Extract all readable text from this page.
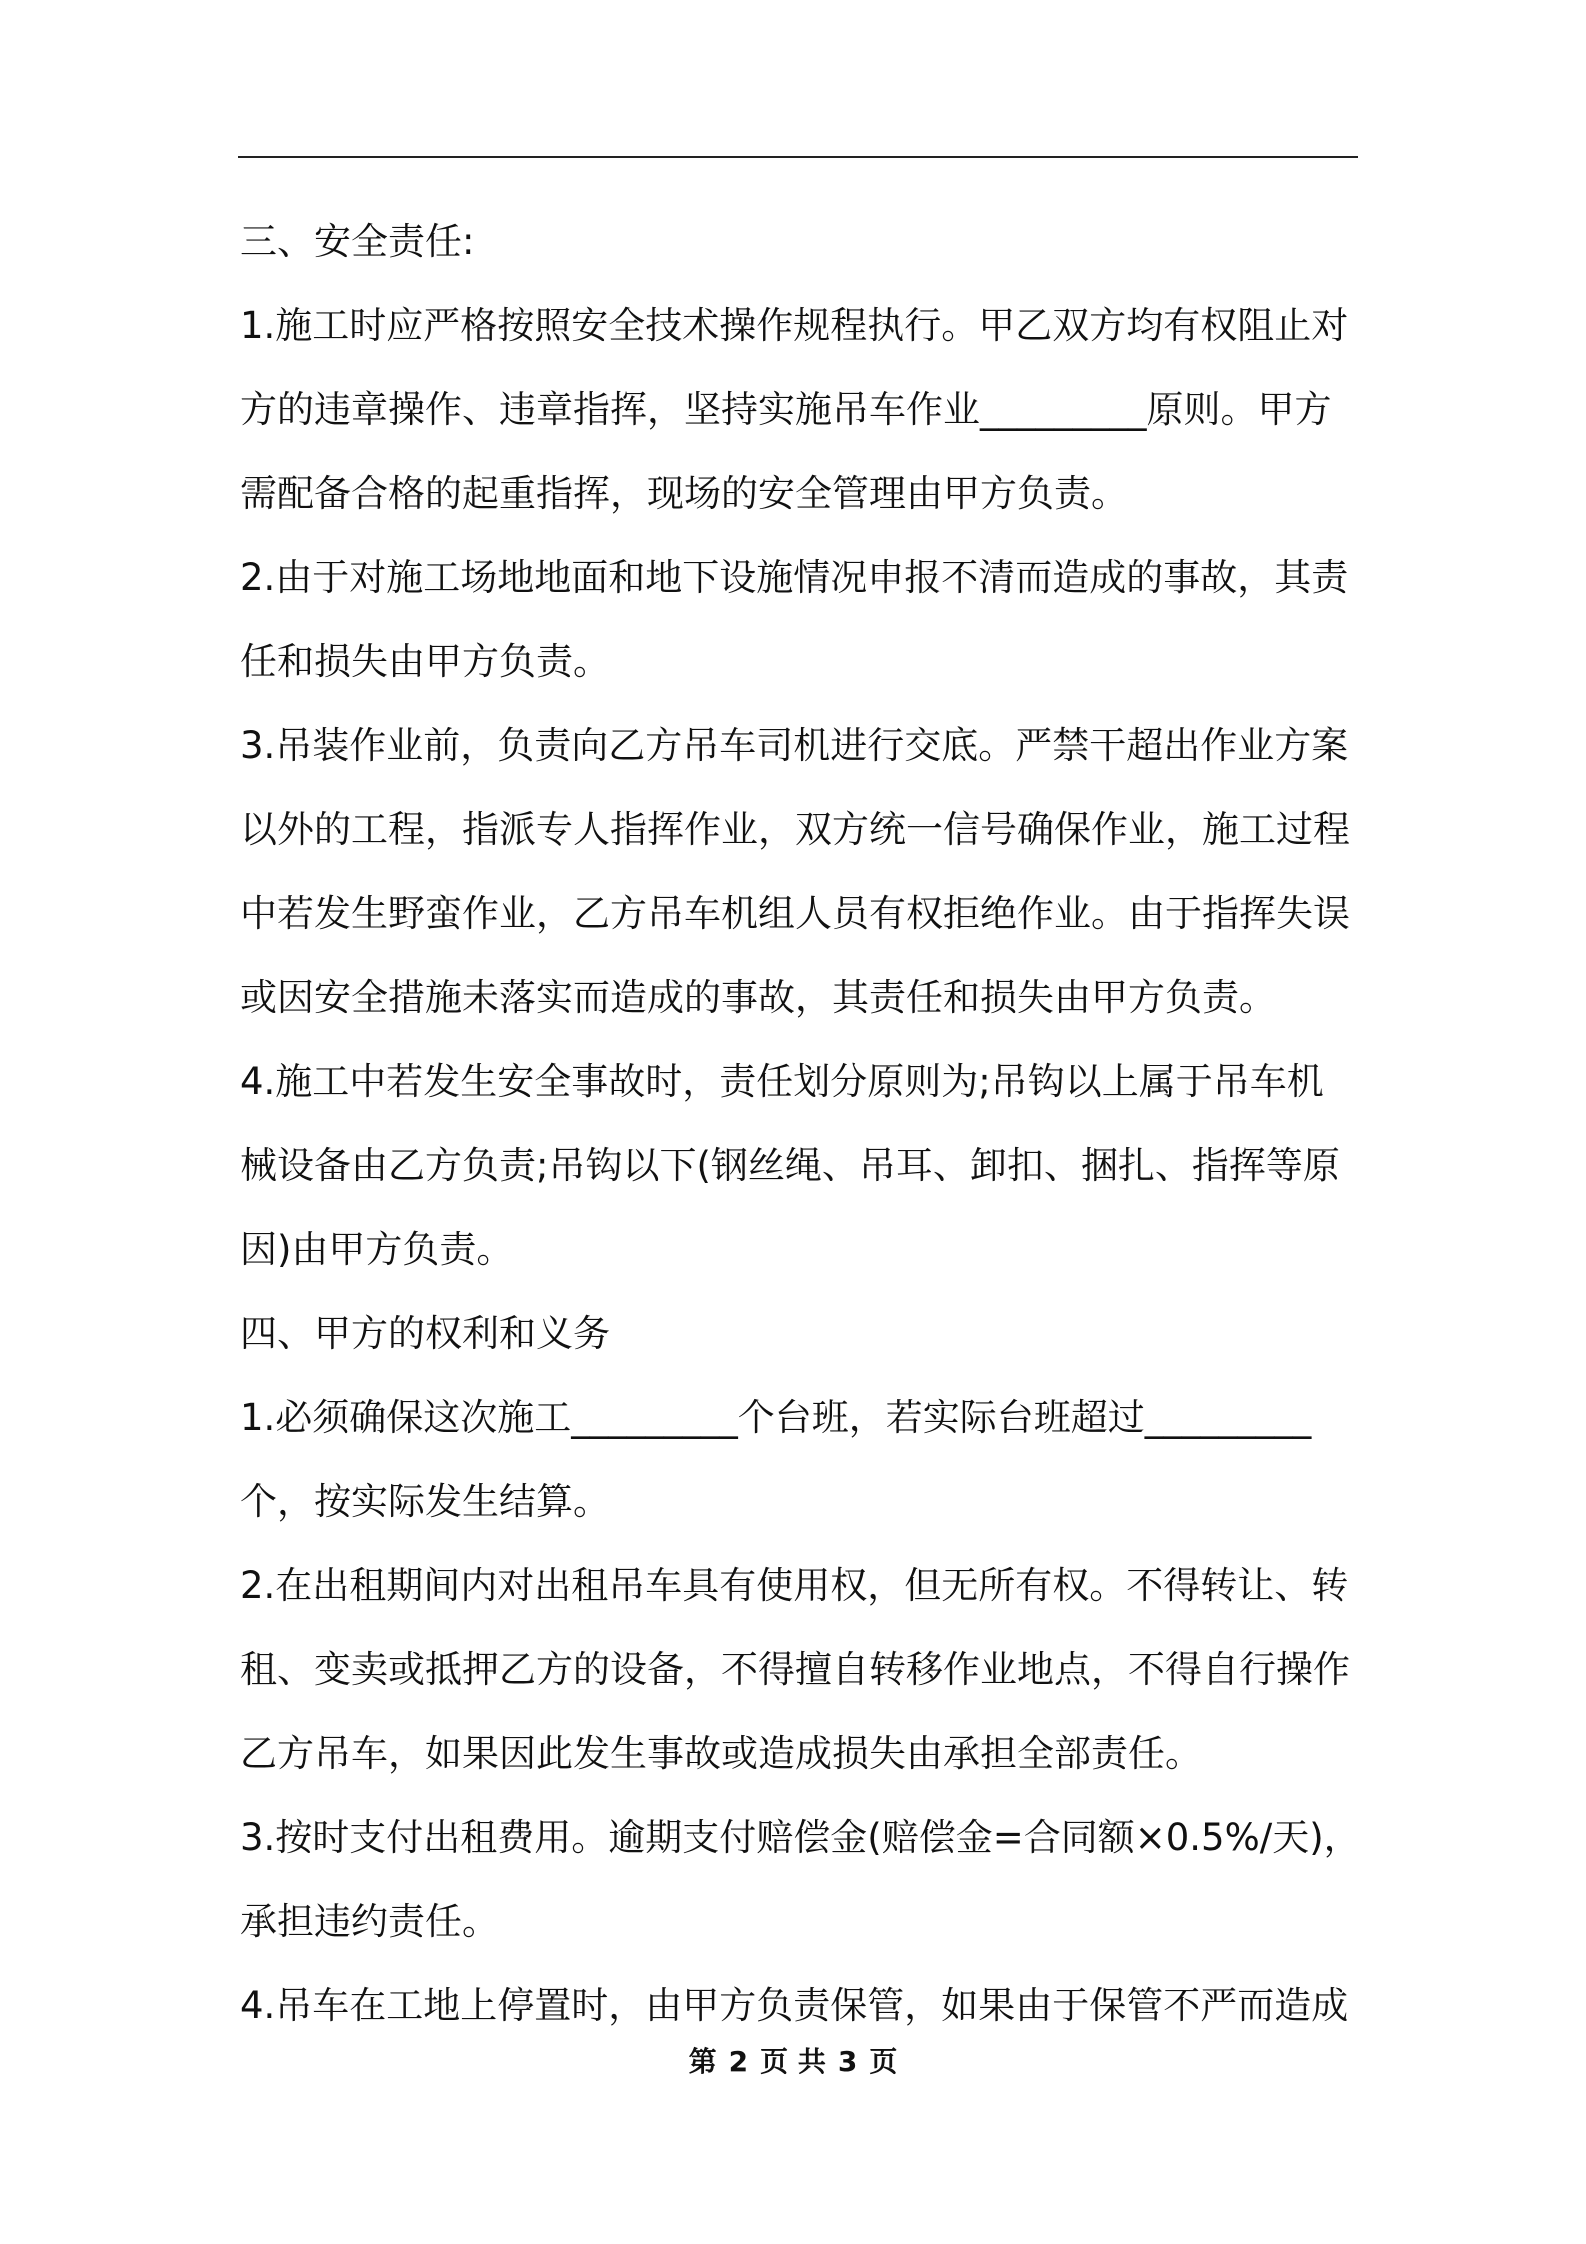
三、安全责任:
1.施工时应严格按照安全技术操作规程执行。甲乙双方均有权阻止对
方的违章操作、违章指挥，坚持实施吊车作业_________原则。甲方
需配备合格的起重指挥，现场的安全管理由甲方负责。
2.由于对施工场地地面和地下设施情况申报不清而造成的事故，其责
任和损失由甲方负责。
3.吊装作业前，负责向乙方吊车司机进行交底。严禁干超出作业方案
以外的工程，指派专人指挥作业，双方统一信号确保作业，施工过程
中若发生野蛮作业，乙方吊车机组人员有权拒绝作业。由于指挥失误
或因安全措施未落实而造成的事故，其责任和损失由甲方负责。
4.施工中若发生安全事故时，责任划分原则为;吊钩以上属于吊车机
械设备由乙方负责;吊钩以下(钢丝绳、吊耳、卸扣、捆扎、指挥等原
因)由甲方负责。
四、甲方的权利和义务
1.必须确保这次施工_________个台班，若实际台班超过_________
个，按实际发生结算。
2.在出租期间内对出租吊车具有使用权，但无所有权。不得转让、转
租、变卖或抵押乙方的设备，不得擅自转移作业地点，不得自行操作
乙方吊车，如果因此发生事故或造成损失由承担全部责任。
3.按时支付出租费用。逾期支付赔偿金(赔偿金=合同额×0.5%/天)，
承担违约责任。
4.吊车在工地上停置时，由甲方负责保管，如果由于保管不严而造成
第 2 页 共 3 页
